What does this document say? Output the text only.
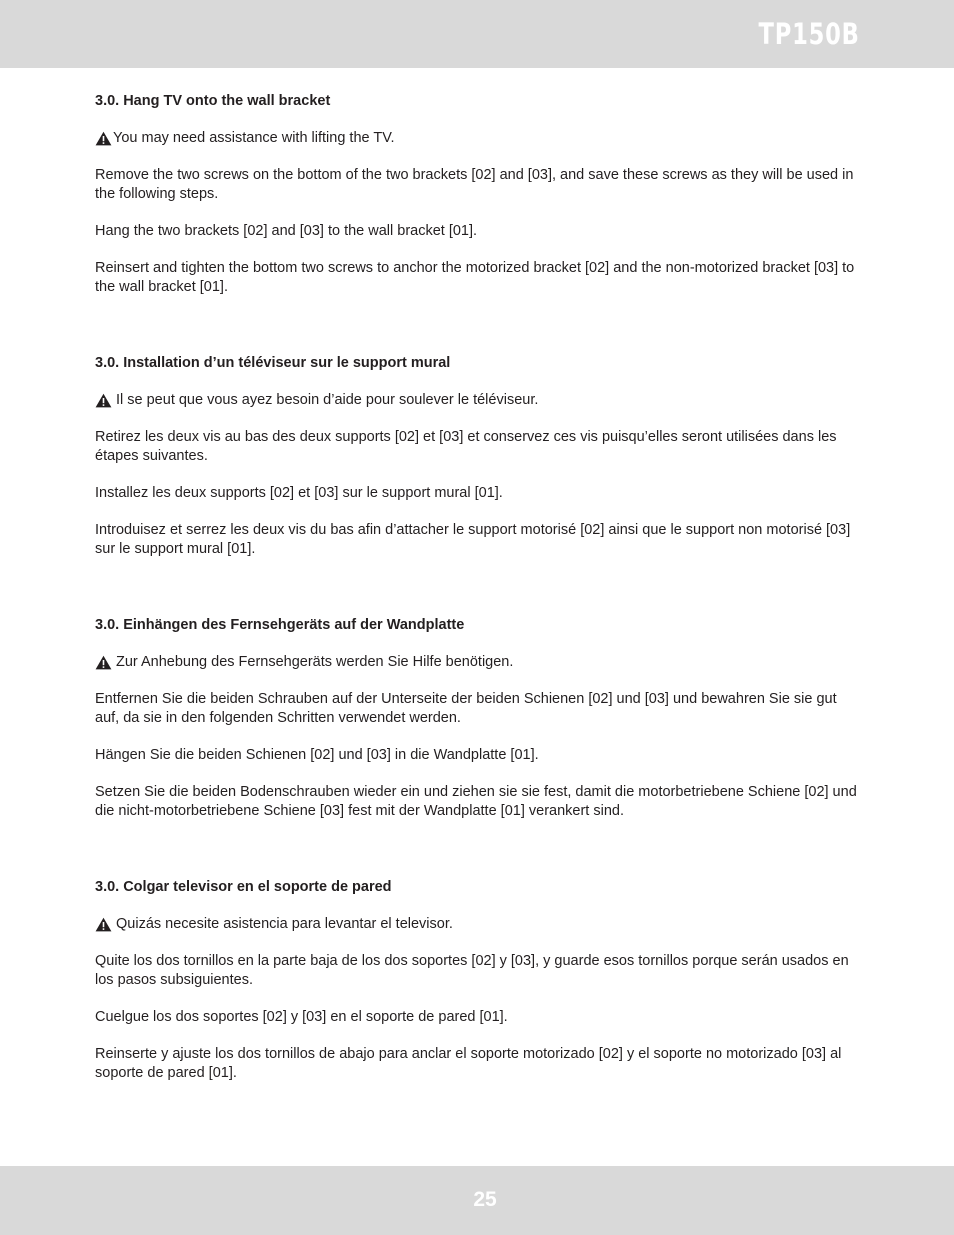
TP150B

3.0. Hang TV onto the wall bracket

You may need assistance with lifting the TV.

Remove the two screws on the bottom of the two brackets [02] and [03], and save these screws as they will be used in the following steps.

Hang the two brackets [02] and [03] to the wall bracket [01].

Reinsert and tighten the bottom two screws to anchor the motorized bracket [02] and the non-motorized bracket [03] to the wall bracket [01].

3.0. Installation d’un téléviseur sur le support mural

Il se peut que vous ayez besoin d’aide pour soulever le téléviseur.

Retirez les deux vis au bas des deux supports [02] et [03] et conservez ces vis puisqu’elles seront utilisées dans les étapes suivantes.

Installez les deux supports [02] et [03] sur le support mural [01].

Introduisez et serrez les deux vis du bas afin d’attacher le support motorisé [02] ainsi que le support non motorisé [03] sur le support mural [01].

3.0. Einhängen des Fernsehgeräts auf der Wandplatte

Zur Anhebung des Fernsehgeräts werden Sie Hilfe benötigen.

Entfernen Sie die beiden Schrauben auf der Unterseite der beiden Schienen [02] und [03] und bewahren Sie sie gut auf, da sie in den folgenden Schritten verwendet werden.

Hängen Sie die beiden Schienen [02] und [03] in die Wandplatte [01].

Setzen Sie die beiden Bodenschrauben wieder ein und ziehen sie sie fest, damit die motorbetriebene Schiene [02] und die nicht-motorbetriebene Schiene [03] fest mit der Wandplatte [01] verankert sind.

3.0. Colgar televisor en el soporte de pared

Quizás necesite asistencia para levantar el televisor.

Quite los dos tornillos en la parte baja de los dos soportes [02] y [03], y guarde esos tornillos porque serán usados en los pasos subsiguientes.

Cuelgue los dos soportes [02] y [03] en el soporte de pared [01].

Reinserte y ajuste los dos tornillos de abajo para anclar el soporte motorizado [02] y el soporte no motorizado [03] al soporte de pared [01].

25
